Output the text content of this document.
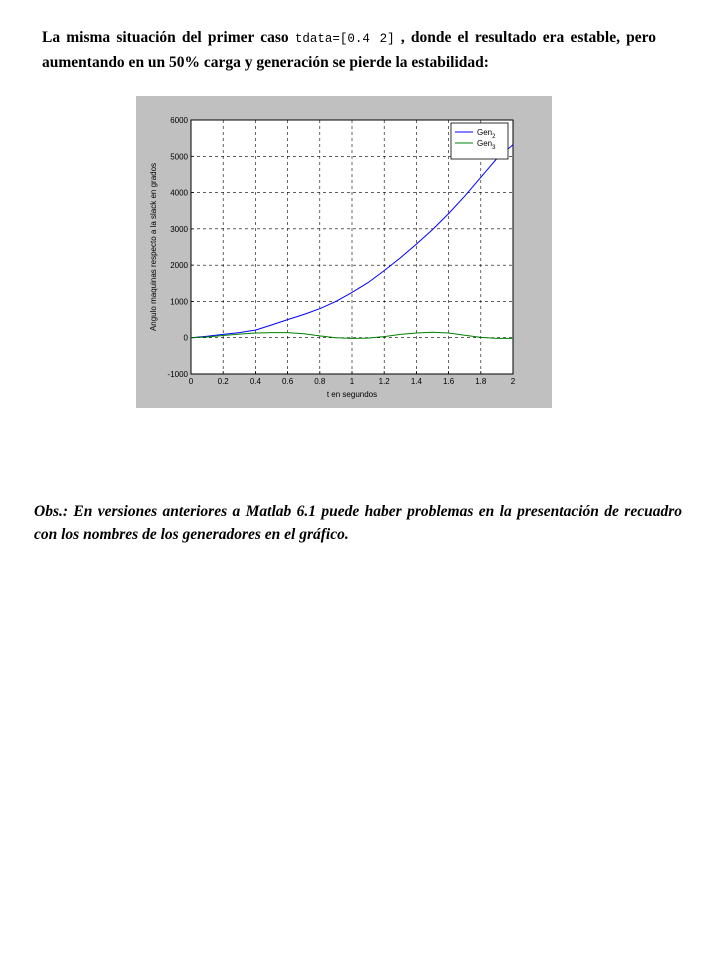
La misma situación del primer caso tdata=[0.4 2] , donde el resultado era estable, pero aumentando en un 50% carga y generación se pierde la estabilidad:
0	0.2	0.4	0.6	0.8	1	1.2	1.4	1.6	1.8	2
6000
5000
4000
3000
2000
1000
0
-1000
t en segundos
Angulo maquinas respecto a la slack en grados
Gen$_2$
Gen$_3$
Obs.: En versiones anteriores a Matlab 6.1 puede haber problemas en la presentación de recuadro con los nombres de los generadores en el gráfico.
